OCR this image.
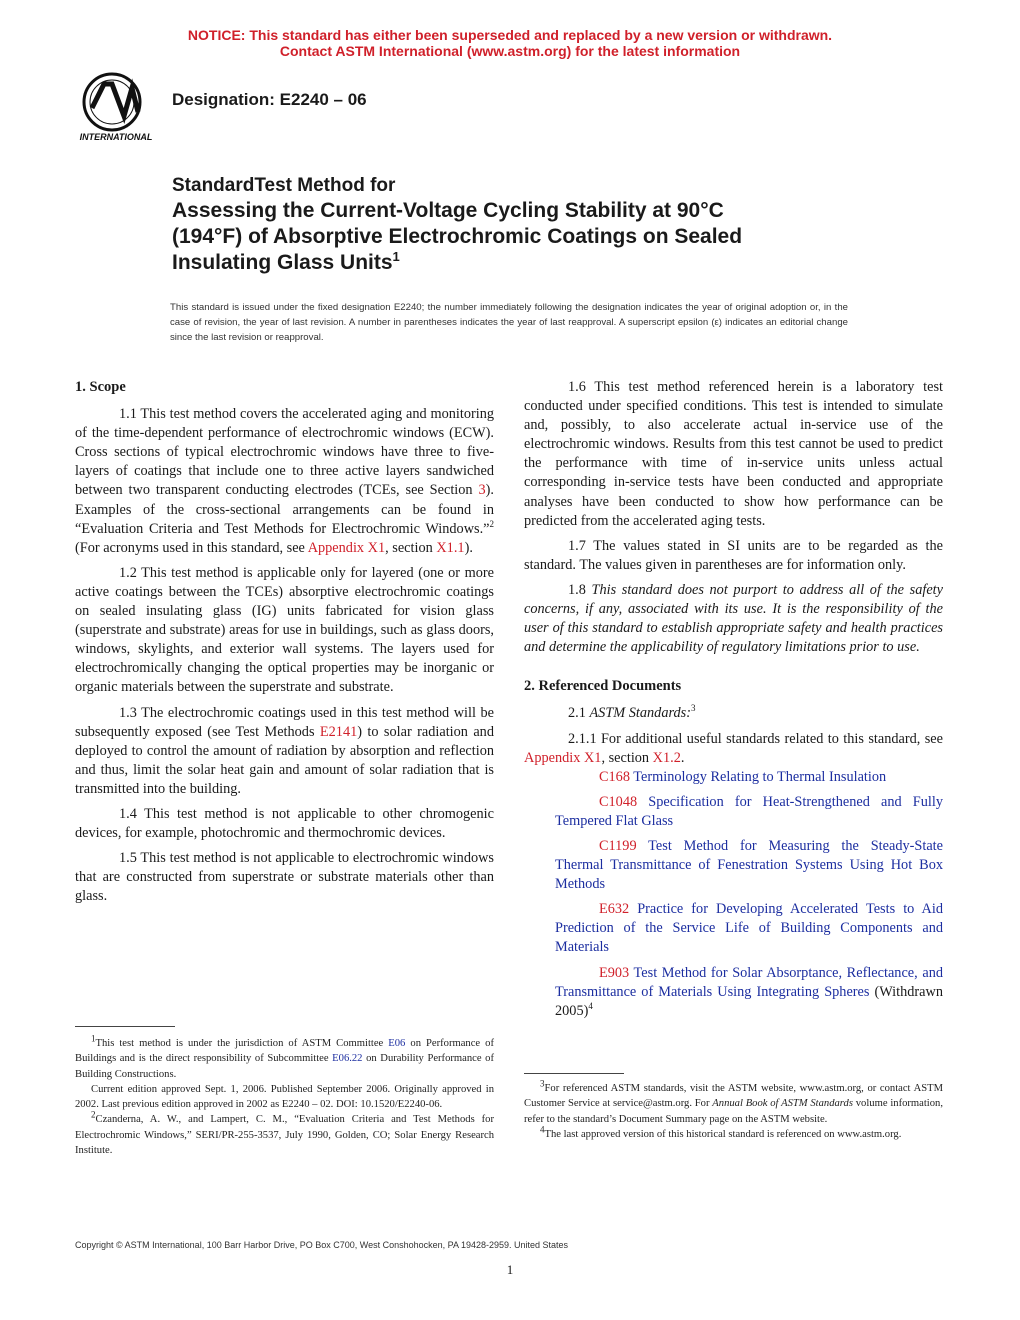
NOTICE: This standard has either been superseded and replaced by a new version or withdrawn.
Contact ASTM International (www.astm.org) for the latest information
INTERNATIONAL
Designation: E2240 – 06
StandardTest Method for
Assessing the Current-Voltage Cycling Stability at 90°C
(194°F) of Absorptive Electrochromic Coatings on Sealed
Insulating Glass Units$^1$
This standard is issued under the fixed designation E2240; the number immediately following the designation indicates the year of original adoption or, in the case of revision, the year of last revision. A number in parentheses indicates the year of last reapproval. A superscript epsilon (ε) indicates an editorial change since the last revision or reapproval.
1. Scope

1.1 This test method covers the accelerated aging and monitoring of the time-dependent performance of electrochromic windows (ECW). Cross sections of typical electrochromic windows have three to five-layers of coatings that include one to three active layers sandwiched between two transparent conducting electrodes (TCEs, see Section 3). Examples of the cross-sectional arrangements can be found in “Evaluation Criteria and Test Methods for Electrochromic Windows.”$^2$ (For acronyms used in this standard, see Appendix X1, section X1.1).

1.2 This test method is applicable only for layered (one or more active coatings between the TCEs) absorptive electrochromic coatings on sealed insulating glass (IG) units fabricated for vision glass (superstrate and substrate) areas for use in buildings, such as glass doors, windows, skylights, and exterior wall systems. The layers used for electrochromically changing the optical properties may be inorganic or organic materials between the superstrate and substrate.

1.3 The electrochromic coatings used in this test method will be subsequently exposed (see Test Methods E2141) to solar radiation and deployed to control the amount of radiation by absorption and reflection and thus, limit the solar heat gain and amount of solar radiation that is transmitted into the building.

1.4 This test method is not applicable to other chromogenic devices, for example, photochromic and thermochromic devices.

1.5 This test method is not applicable to electrochromic windows that are constructed from superstrate or substrate materials other than glass.

1.6 This test method referenced herein is a laboratory test conducted under specified conditions. This test is intended to simulate and, possibly, to also accelerate actual in-service use of the electrochromic windows. Results from this test cannot be used to predict the performance with time of in-service units unless actual corresponding in-service tests have been conducted and appropriate analyses have been conducted to show how performance can be predicted from the accelerated aging tests.

1.7 The values stated in SI units are to be regarded as the standard. The values given in parentheses are for information only.

1.8 This standard does not purport to address all of the safety concerns, if any, associated with its use. It is the responsibility of the user of this standard to establish appropriate safety and health practices and determine the applicability of regulatory limitations prior to use.

2. Referenced Documents

2.1 ASTM Standards:$^3$

2.1.1 For additional useful standards related to this standard, see Appendix X1, section X1.2.

C168 Terminology Relating to Thermal Insulation

C1048 Specification for Heat-Strengthened and Fully Tempered Flat Glass

C1199 Test Method for Measuring the Steady-State Thermal Transmittance of Fenestration Systems Using Hot Box Methods

E632 Practice for Developing Accelerated Tests to Aid Prediction of the Service Life of Building Components and Materials

E903 Test Method for Solar Absorptance, Reflectance, and Transmittance of Materials Using Integrating Spheres (Withdrawn 2005)$^4$

$^1$This test method is under the jurisdiction of ASTM Committee E06 on Performance of Buildings and is the direct responsibility of Subcommittee E06.22 on Durability Performance of Building Constructions.

Current edition approved Sept. 1, 2006. Published September 2006. Originally approved in 2002. Last previous edition approved in 2002 as E2240 – 02. DOI: 10.1520/E2240-06.

$^2$Czanderna, A. W., and Lampert, C. M., “Evaluation Criteria and Test Methods for Electrochromic Windows,” SERI/PR-255-3537, July 1990, Golden, CO; Solar Energy Research Institute.

$^3$For referenced ASTM standards, visit the ASTM website, www.astm.org, or contact ASTM Customer Service at service@astm.org. For Annual Book of ASTM Standards volume information, refer to the standard’s Document Summary page on the ASTM website.

$^4$The last approved version of this historical standard is referenced on www.astm.org.

Copyright © ASTM International, 100 Barr Harbor Drive, PO Box C700, West Conshohocken, PA 19428-2959. United States
1
